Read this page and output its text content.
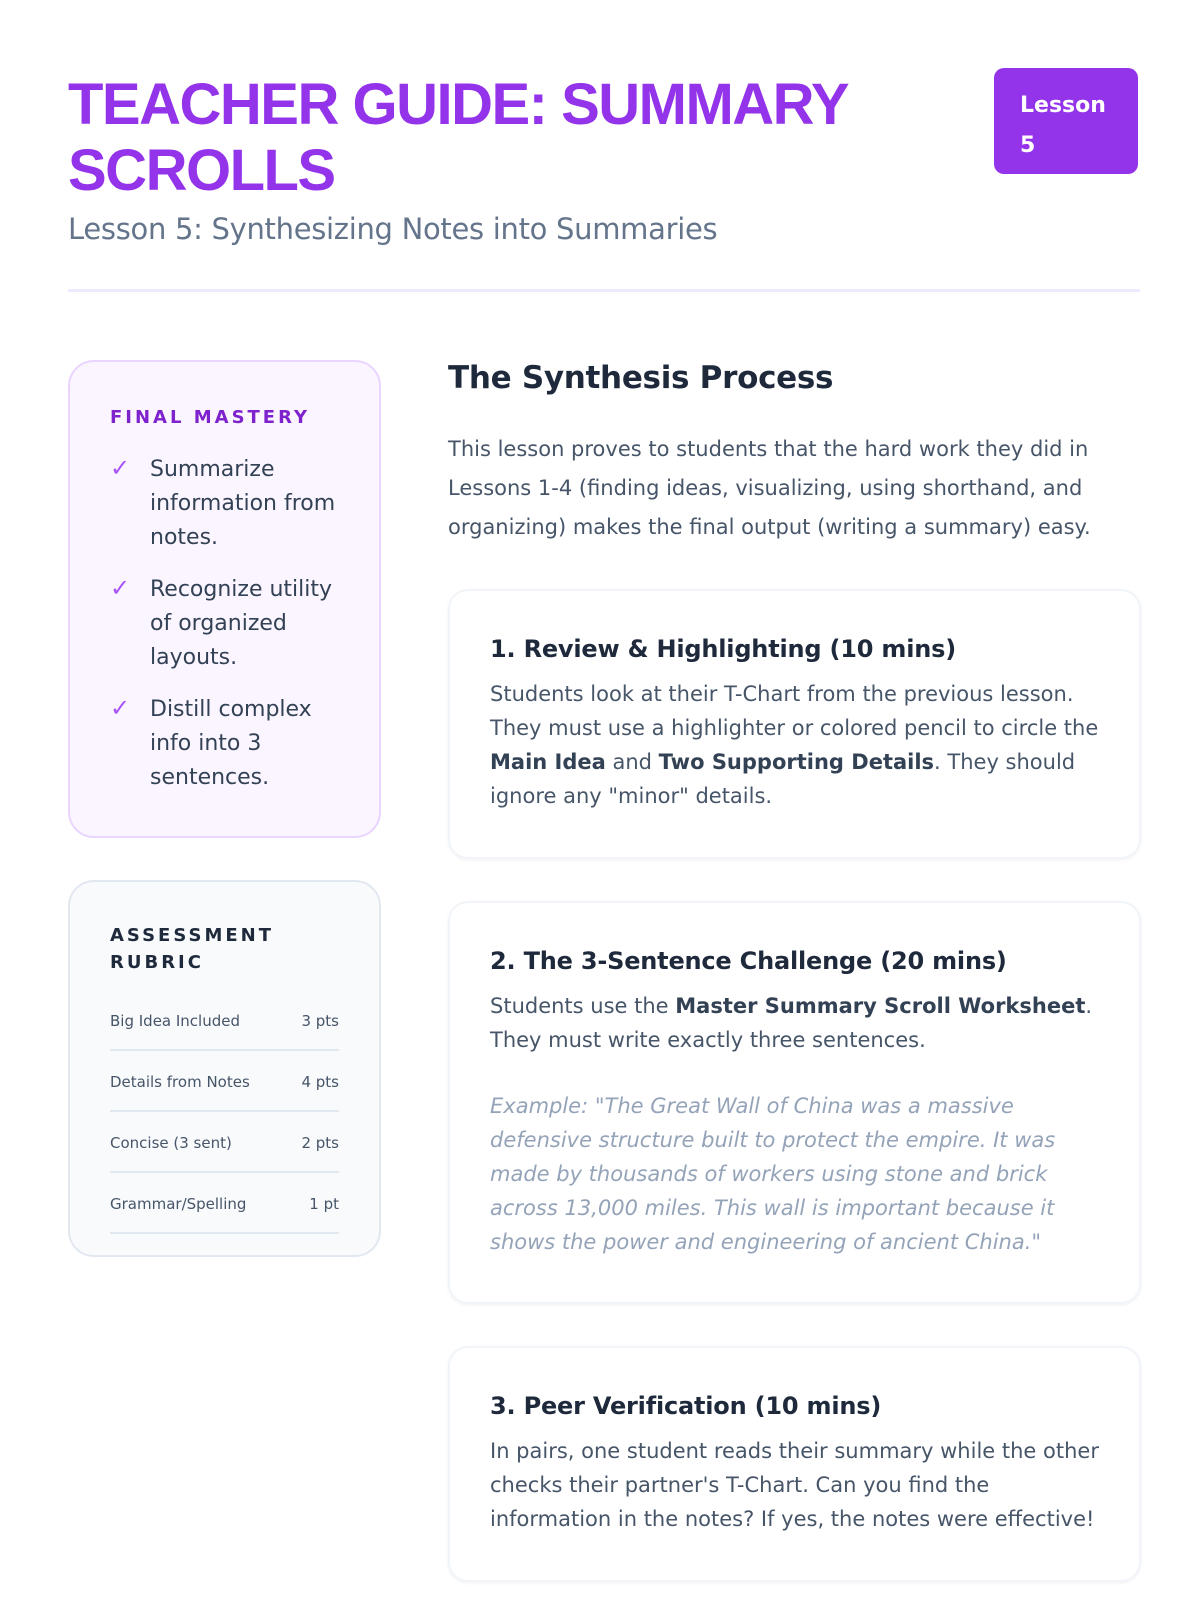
TEACHER GUIDE: SUMMARY SCROLLS
Lesson 5: Synthesizing Notes into Summaries
Lesson
5
FINAL MASTERY
✓ Summarize information from notes.
✓ Recognize utility of organized layouts.
✓ Distill complex info into 3 sentences.
ASSESSMENT RUBRIC
Big Idea Included	3 pts
Details from Notes	4 pts
Concise (3 sent)	2 pts
Grammar/Spelling	1 pt
The Synthesis Process

This lesson proves to students that the hard work they did in Lessons 1-4 (finding ideas, visualizing, using shorthand, and organizing) makes the final output (writing a summary) easy.

1. Review & Highlighting (10 mins)

Students look at their T-Chart from the previous lesson. They must use a highlighter or colored pencil to circle the Main Idea and Two Supporting Details. They should ignore any "minor" details.

2. The 3-Sentence Challenge (20 mins)

Students use the Master Summary Scroll Worksheet. They must write exactly three sentences.

Example: "The Great Wall of China was a massive defensive structure built to protect the empire. It was made by thousands of workers using stone and brick across 13,000 miles. This wall is important because it shows the power and engineering of ancient China."

3. Peer Verification (10 mins)

In pairs, one student reads their summary while the other checks their partner's T-Chart. Can you find the information in the notes? If yes, the notes were effective!
